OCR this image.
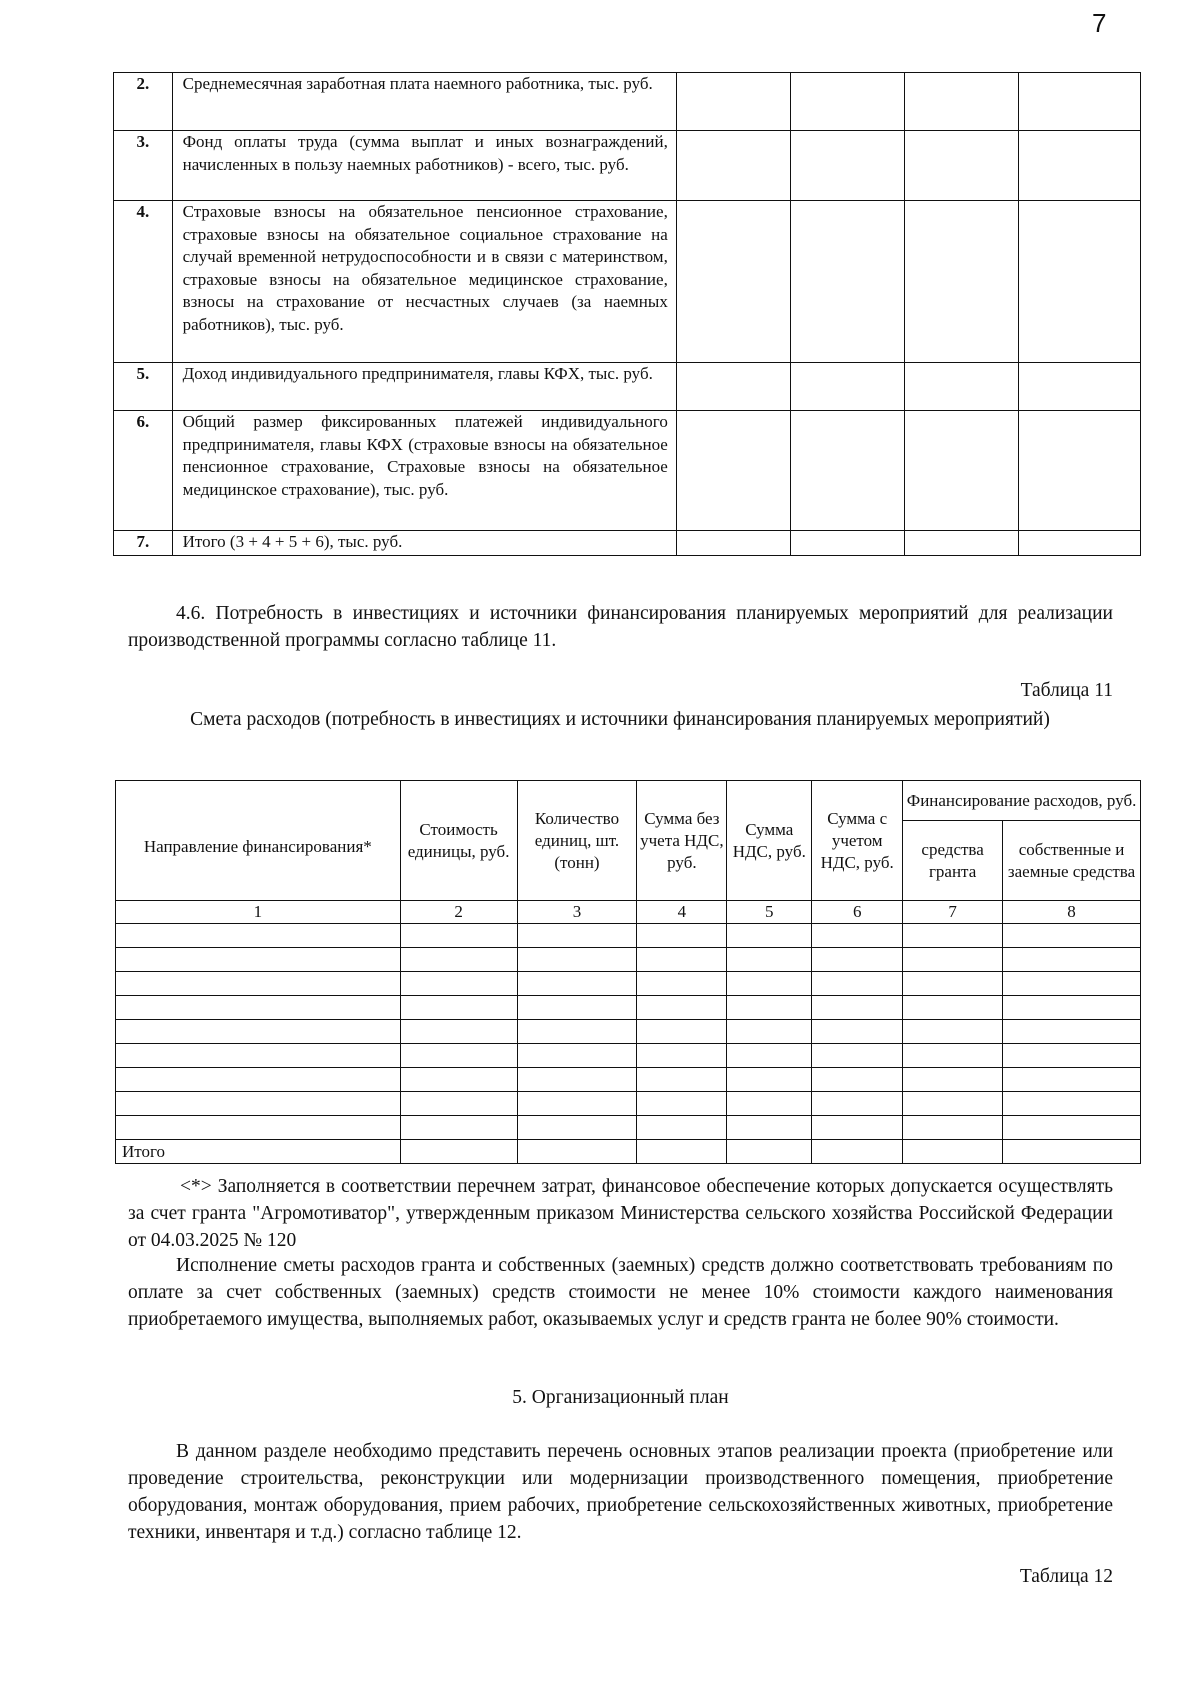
7
2.	Среднемесячная заработная плата наемного работника, тыс. руб.				
3.	Фонд оплаты труда (сумма выплат и иных вознаграждений, начисленных в пользу наемных работников) - всего, тыс. руб.				
4.	Страховые взносы на обязательное пенсионное страхование, страховые взносы на обязательное социальное страхование на случай временной нетрудоспособности и в связи с материнством, страховые взносы на обязательное медицинское страхование, взносы на страхование от несчастных случаев (за наемных работников), тыс. руб.				
5.	Доход индивидуального предпринимателя, главы КФХ, тыс. руб.				
6.	Общий размер фиксированных платежей индивидуального предпринимателя, главы КФХ (страховые взносы на обязательное пенсионное страхование, Страховые взносы на обязательное медицинское страхование), тыс. руб.				
7.	Итого (3 + 4 + 5 + 6), тыс. руб.				
4.6. Потребность в инвестициях и источники финансирования планируемых мероприятий для реализации производственной программы согласно таблице 11.
Таблица 11
Смета расходов (потребность в инвестициях и источники финансирования планируемых мероприятий)
Направление финансирования*	Стоимость единицы, руб.	Количество единиц, шт. (тонн)	Сумма без учета НДС, руб.	Сумма НДС, руб.	Сумма с учетом НДС, руб.	Финансирование расходов, руб.	
						средства гранта	собственные и заемные средства
1	2	3	4	5	6	7	8

Итого							
<*> Заполняется в соответствии перечнем затрат, финансовое обеспечение которых допускается осуществлять за счет гранта "Агромотиватор", утвержденным приказом Министерства сельского хозяйства Российской Федерации от 04.03.2025 № 120
Исполнение сметы расходов гранта и собственных (заемных) средств должно соответствовать требованиям по оплате за счет собственных (заемных) средств стоимости не менее 10% стоимости каждого наименования приобретаемого имущества, выполняемых работ, оказываемых услуг и средств гранта не более 90% стоимости.
5. Организационный план
В данном разделе необходимо представить перечень основных этапов реализации проекта (приобретение или проведение строительства, реконструкции или модернизации производственного помещения, приобретение оборудования, монтаж оборудования, прием рабочих, приобретение сельскохозяйственных животных, приобретение техники, инвентаря и т.д.) согласно таблице 12.
Таблица 12
